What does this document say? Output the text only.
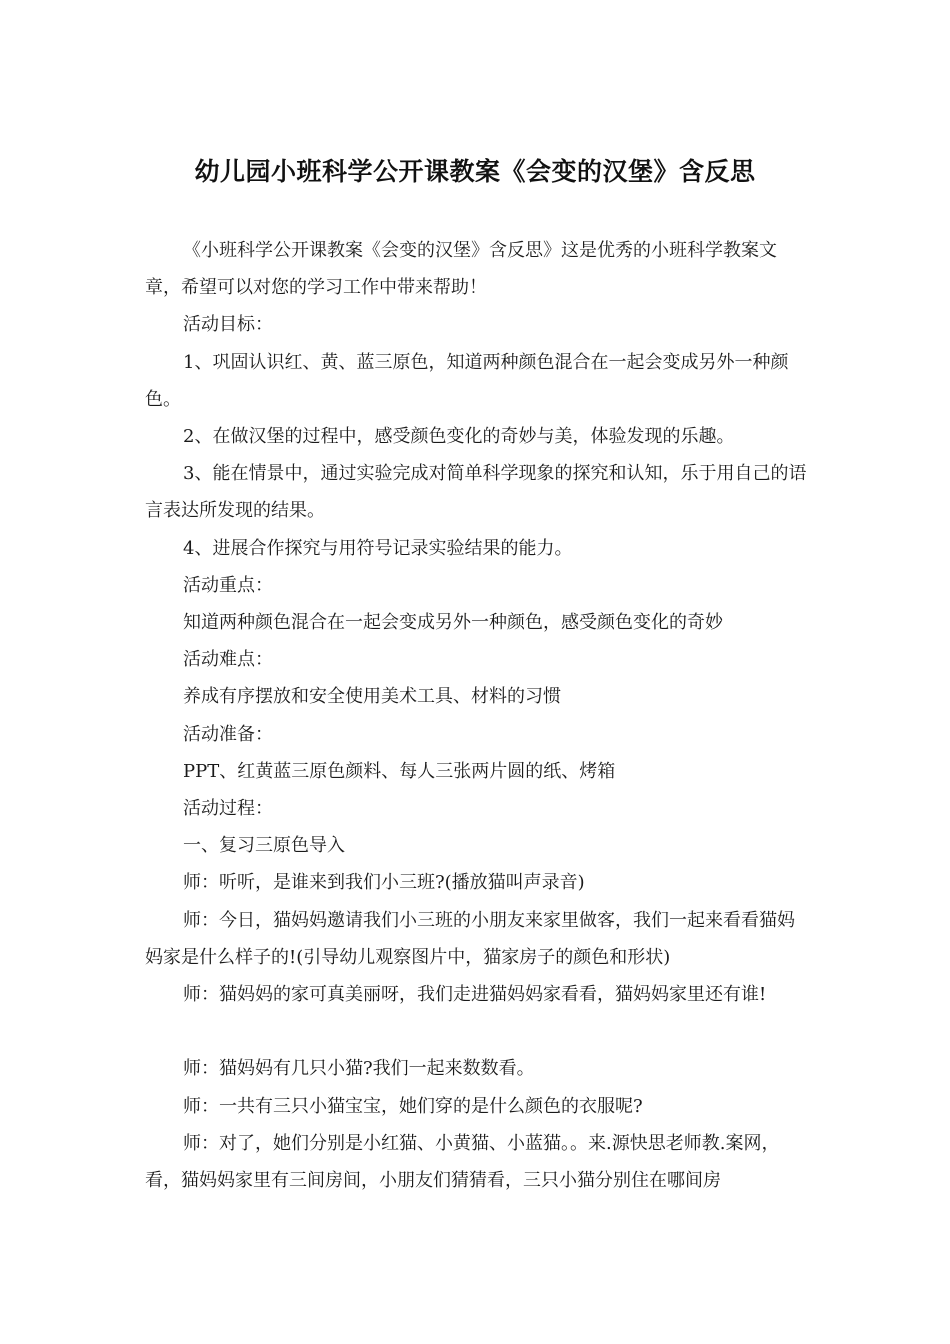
幼儿园小班科学公开课教案《会变的汉堡》含反思

《小班科学公开课教案《会变的汉堡》含反思》这是优秀的小班科学教案文章，希望可以对您的学习工作中带来帮助！

活动目标：

1、巩固认识红、黄、蓝三原色，知道两种颜色混合在一起会变成另外一种颜色。

2、在做汉堡的过程中，感受颜色变化的奇妙与美，体验发现的乐趣。

3、能在情景中，通过实验完成对简单科学现象的探究和认知，乐于用自己的语言表达所发现的结果。

4、进展合作探究与用符号记录实验结果的能力。

活动重点：

知道两种颜色混合在一起会变成另外一种颜色，感受颜色变化的奇妙

活动难点：

养成有序摆放和安全使用美术工具、材料的习惯

活动准备：

PPT、红黄蓝三原色颜料、每人三张两片圆的纸、烤箱

活动过程：

一、复习三原色导入

师：听听，是谁来到我们小三班?(播放猫叫声录音)

师：今日，猫妈妈邀请我们小三班的小朋友来家里做客，我们一起来看看猫妈妈家是什么样子的!(引导幼儿观察图片中，猫家房子的颜色和形状)

师：猫妈妈的家可真美丽呀，我们走进猫妈妈家看看，猫妈妈家里还有谁!

师：猫妈妈有几只小猫?我们一起来数数看。

师：一共有三只小猫宝宝，她们穿的是什么颜色的衣服呢?

师：对了，她们分别是小红猫、小黄猫、小蓝猫。。来.源快思老师教.案网，看，猫妈妈家里有三间房间，小朋友们猜猜看，三只小猫分别住在哪间房
